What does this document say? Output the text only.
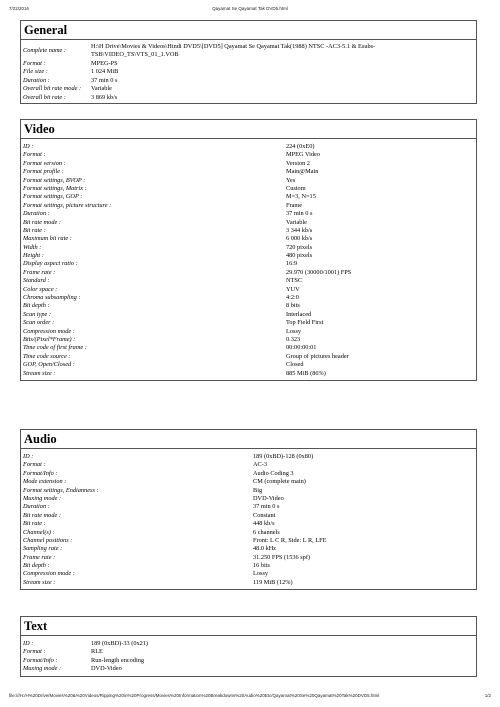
7/22/2016	Qayamat Se Qayamat Tak DVD5.html
General
Complete name :
H:\H Drive\Movies & Videos\Hindi DVD5\[DVD5] Qayamat Se Qayamat Tak(1988) NTSC -AC3-5.1 & Esubs-TSB\VIDEO_TS\VTS_01_1.VOB
Format :	MPEG-PS
File size :	1 024 MiB
Duration :	37 min 0 s
Overall bit rate mode : Variable
Overall bit rate :	3 869 kb/s
Video
ID :	224 (0xE0)
Format :	MPEG Video
Format version :	Version 2
Format profile :	Main@Main
Format settings, BVOP :	Yes
Format settings, Matrix :	Custom
Format settings, GOP :	M=3, N=15
Format settings, picture structure :	Frame
Duration :	37 min 0 s
Bit rate mode :	Variable
Bit rate :	3 344 kb/s
Maximum bit rate :	6 000 kb/s
Width :	720 pixels
Height :	480 pixels
Display aspect ratio :	16:9
Frame rate :	29.970 (30000/1001) FPS
Standard :	NTSC
Color space :	YUV
Chroma subsampling :	4:2:0
Bit depth :	8 bits
Scan type :	Interlaced
Scan order :	Top Field First
Compression mode :	Lossy
Bits/(Pixel*Frame) :	0.323
Time code of first frame :	00:00:00:01
Time code source :	Group of pictures header
GOP, Open/Closed :	Closed
Stream size :	885 MiB (86%)
Audio
ID :	189 (0xBD)-128 (0x80)
Format :	AC-3
Format/Info :	Audio Coding 3
Mode extension :	CM (complete main)
Format settings, Endianness :	Big
Muxing mode :	DVD-Video
Duration :	37 min 0 s
Bit rate mode :	Constant
Bit rate :	448 kb/s
Channel(s) :	6 channels
Channel positions :	Front: L C R, Side: L R, LFE
Sampling rate :	48.0 kHz
Frame rate :	31.250 FPS (1536 spf)
Bit depth :	16 bits
Compression mode :	Lossy
Stream size :	119 MiB (12%)
Text
ID :	189 (0xBD)-33 (0x21)
Format :	RLE
Format/Info :	Run-length encoding
Muxing mode :	DVD-Video
file:///H:/H%20Drive/Movies%20&%20Videos/Ripping%20in%20Progress/Movies%20Information%20Breakdowns%20Audio%20Etc/Qayamat%20Se%20Qayamat%20Tak%20DVD5.html	1/2
